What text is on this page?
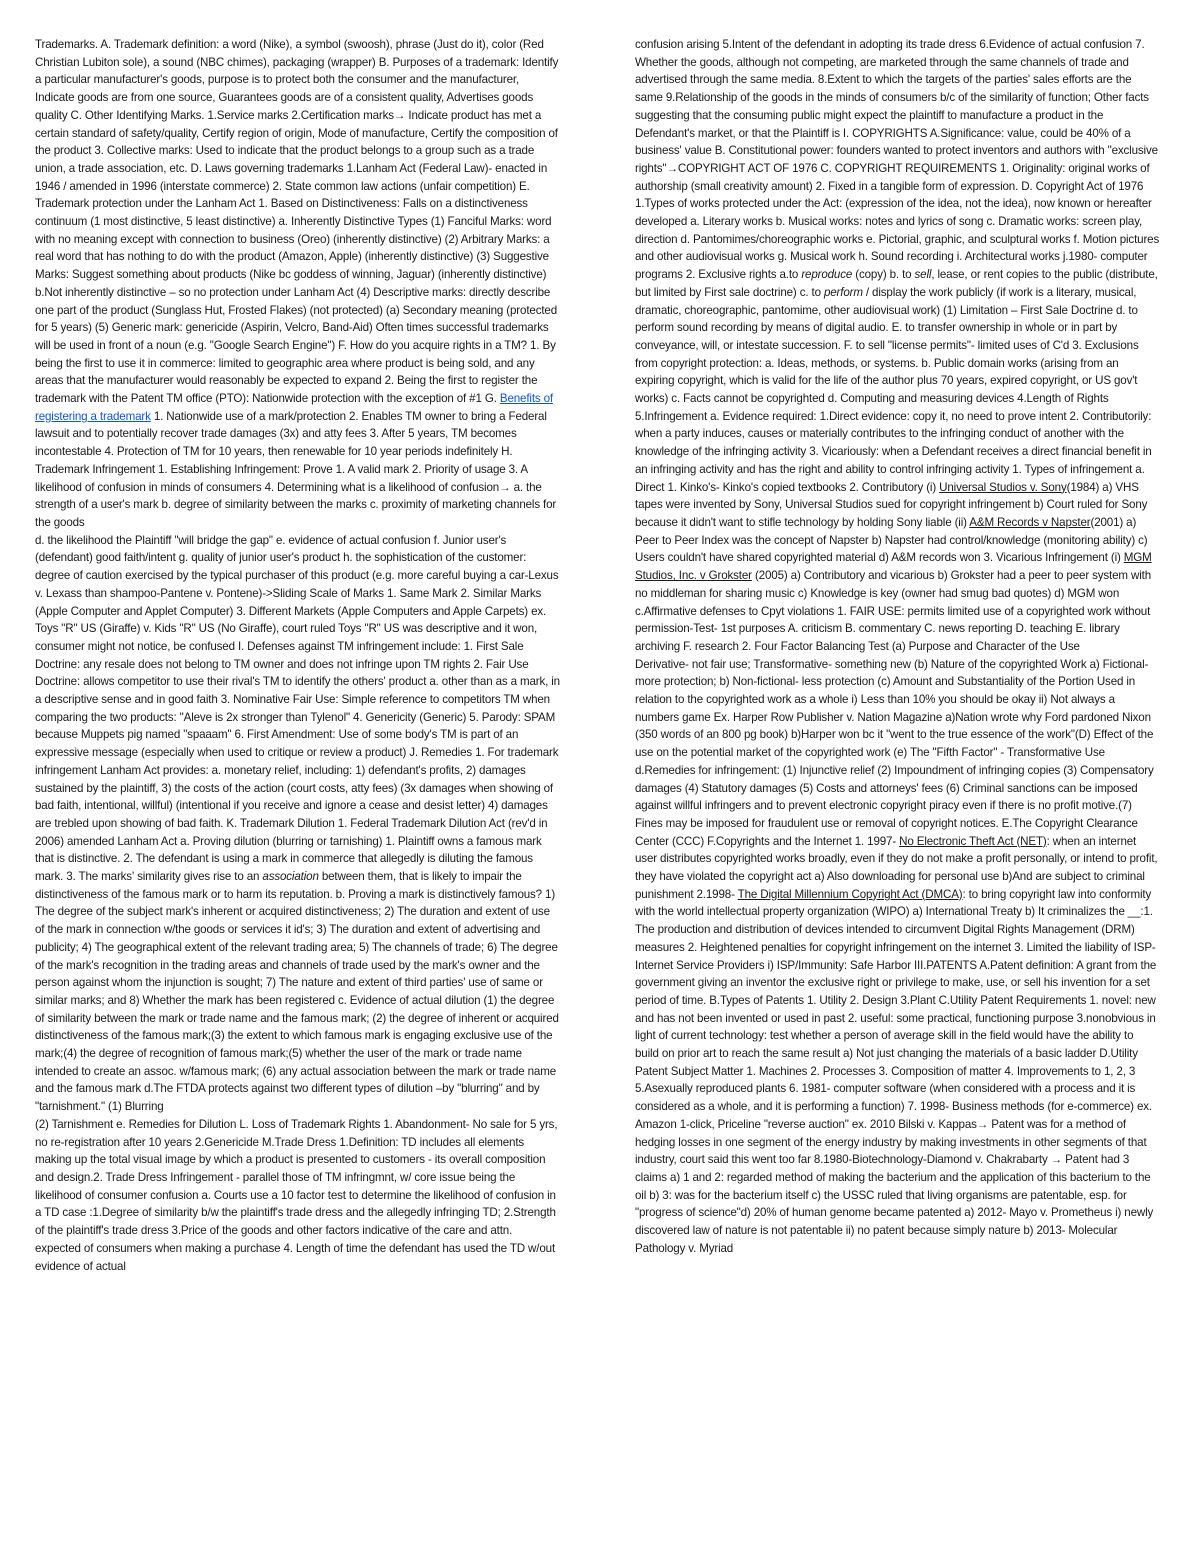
Trademarks. A. Trademark definition: a word (Nike), a symbol (swoosh), phrase (Just do it), color (Red Christian Lubiton sole), a sound (NBC chimes), packaging (wrapper) B. Purposes of a trademark: Identify a particular manufacturer's goods, purpose is to protect both the consumer and the manufacturer, Indicate goods are from one source, Guarantees goods are of a consistent quality, Advertises goods quality C. Other Identifying Marks. 1.Service marks 2.Certification marks→ Indicate product has met a certain standard of safety/quality, Certify region of origin, Mode of manufacture, Certify the composition of the product 3. Collective marks: Used to indicate that the product belongs to a group such as a trade union, a trade association, etc. D. Laws governing trademarks 1.Lanham Act (Federal Law)- enacted in 1946 / amended in 1996 (interstate commerce) 2. State common law actions (unfair competition) E. Trademark protection under the Lanham Act 1. Based on Distinctiveness: Falls on a distinctiveness continuum (1 most distinctive, 5 least distinctive) a. Inherently Distinctive Types (1) Fanciful Marks: word with no meaning except with connection to business (Oreo) (inherently distinctive) (2) Arbitrary Marks: a real word that has nothing to do with the product (Amazon, Apple) (inherently distinctive) (3) Suggestive Marks: Suggest something about products (Nike bc goddess of winning, Jaguar) (inherently distinctive) b.Not inherently distinctive – so no protection under Lanham Act (4) Descriptive marks: directly describe one part of the product (Sunglass Hut, Frosted Flakes) (not protected) (a) Secondary meaning (protected for 5 years) (5) Generic mark: genericide (Aspirin, Velcro, Band-Aid) Often times successful trademarks will be used in front of a noun (e.g. "Google Search Engine") F. How do you acquire rights in a TM? 1. By being the first to use it in commerce: limited to geographic area where product is being sold, and any areas that the manufacturer would reasonably be expected to expand 2. Being the first to register the trademark with the Patent TM office (PTO): Nationwide protection with the exception of #1 G. Benefits of registering a trademark 1. Nationwide use of a mark/protection 2. Enables TM owner to bring a Federal lawsuit and to potentially recover trade damages (3x) and atty fees 3. After 5 years, TM becomes incontestable 4. Protection of TM for 10 years, then renewable for 10 year periods indefinitely H. Trademark Infringement 1. Establishing Infringement: Prove 1. A valid mark 2. Priority of usage 3. A likelihood of confusion in minds of consumers 4. Determining what is a likelihood of confusion→ a. the strength of a user's mark b. degree of similarity between the marks c. proximity of marketing channels for the goods

d. the likelihood the Plaintiff "will bridge the gap" e. evidence of actual confusion f. Junior user's (defendant) good faith/intent g. quality of junior user's product h. the sophistication of the customer: degree of caution exercised by the typical purchaser of this product (e.g. more careful buying a car-Lexus v. Lexass than shampoo-Pantene v. Pontene)->Sliding Scale of Marks 1. Same Mark 2. Similar Marks (Apple Computer and Applet Computer) 3. Different Markets (Apple Computers and Apple Carpets) ex. Toys "R" US (Giraffe) v. Kids "R" US (No Giraffe), court ruled Toys "R" US was descriptive and it won, consumer might not notice, be confused I. Defenses against TM infringement include: 1. First Sale Doctrine: any resale does not belong to TM owner and does not infringe upon TM rights 2. Fair Use Doctrine: allows competitor to use their rival's TM to identify the others' product a. other than as a mark, in a descriptive sense and in good faith 3. Nominative Fair Use: Simple reference to competitors TM when comparing the two products: "Aleve is 2x stronger than Tylenol" 4. Genericity (Generic) 5. Parody: SPAM because Muppets pig named "spaaam" 6. First Amendment: Use of some body's TM is part of an expressive message (especially when used to critique or review a product) J. Remedies 1. For trademark infringement Lanham Act provides: a. monetary relief, including: 1) defendant's profits, 2) damages sustained by the plaintiff, 3) the costs of the action (court costs, atty fees) (3x damages when showing of bad faith, intentional, willful) (intentional if you receive and ignore a cease and desist letter) 4) damages are trebled upon showing of bad faith. K. Trademark Dilution 1. Federal Trademark Dilution Act (rev'd in 2006) amended Lanham Act a. Proving dilution (blurring or tarnishing) 1. Plaintiff owns a famous mark that is distinctive. 2. The defendant is using a mark in commerce that allegedly is diluting the famous mark. 3. The marks' similarity gives rise to an association between them, that is likely to impair the distinctiveness of the famous mark or to harm its reputation. b. Proving a mark is distinctively famous? 1) The degree of the subject mark's inherent or acquired distinctiveness; 2) The duration and extent of use of the mark in connection w/the goods or services it id's; 3) The duration and extent of advertising and publicity; 4) The geographical extent of the relevant trading area; 5) The channels of trade; 6) The degree of the mark's recognition in the trading areas and channels of trade used by the mark's owner and the person against whom the injunction is sought; 7) The nature and extent of third parties' use of same or similar marks; and 8) Whether the mark has been registered c. Evidence of actual dilution (1) the degree of similarity between the mark or trade name and the famous mark; (2) the degree of inherent or acquired distinctiveness of the famous mark;(3) the extent to which famous mark is engaging exclusive use of the mark;(4) the degree of recognition of famous mark;(5) whether the user of the mark or trade name intended to create an assoc. w/famous mark; (6) any actual association between the mark or trade name and the famous mark d.The FTDA protects against two different types of dilution –by "blurring" and by "tarnishment." (1) Blurring

(2) Tarnishment e. Remedies for Dilution L. Loss of Trademark Rights 1. Abandonment- No sale for 5 yrs, no re-registration after 10 years 2.Genericide M.Trade Dress 1.Definition: TD includes all elements making up the total visual image by which a product is presented to customers - its overall composition and design.2. Trade Dress Infringement - parallel those of TM infringmnt, w/ core issue being the likelihood of consumer confusion a. Courts use a 10 factor test to determine the likelihood of confusion in a TD case :1.Degree of similarity b/w the plaintiff's trade dress and the allegedly infringing TD; 2.Strength of the plaintiff's trade dress 3.Price of the goods and other factors indicative of the care and attn. expected of consumers when making a purchase 4. Length of time the defendant has used the TD w/out evidence of actual

confusion arising 5.Intent of the defendant in adopting its trade dress 6.Evidence of actual confusion 7. Whether the goods, although not competing, are marketed through the same channels of trade and advertised through the same media. 8.Extent to which the targets of the parties' sales efforts are the same 9.Relationship of the goods in the minds of consumers b/c of the similarity of function; Other facts suggesting that the consuming public might expect the plaintiff to manufacture a product in the Defendant's market, or that the Plaintiff is I. COPYRIGHTS A.Significance: value, could be 40% of a business' value B. Constitutional power: founders wanted to protect inventors and authors with "exclusive rights"→COPYRIGHT ACT OF 1976 C. COPYRIGHT REQUIREMENTS 1. Originality: original works of authorship (small creativity amount) 2. Fixed in a tangible form of expression. D. Copyright Act of 1976 1.Types of works protected under the Act: (expression of the idea, not the idea), now known or hereafter developed a. Literary works b. Musical works: notes and lyrics of song c. Dramatic works: screen play, direction d. Pantomimes/choreographic works e. Pictorial, graphic, and sculptural works f. Motion pictures and other audiovisual works g. Musical work h. Sound recording i. Architectural works j.1980- computer programs 2. Exclusive rights a.to reproduce (copy) b. to sell, lease, or rent copies to the public (distribute, but limited by First sale doctrine) c. to perform / display the work publicly (if work is a literary, musical, dramatic, choreographic, pantomime, other audiovisual work) (1) Limitation – First Sale Doctrine d. to perform sound recording by means of digital audio. E. to transfer ownership in whole or in part by conveyance, will, or intestate succession. F. to sell "license permits"- limited uses of C'd 3. Exclusions from copyright protection: a. Ideas, methods, or systems. b. Public domain works (arising from an expiring copyright, which is valid for the life of the author plus 70 years, expired copyright, or US gov't works) c. Facts cannot be copyrighted d. Computing and measuring devices 4.Length of Rights 5.Infringement a. Evidence required: 1.Direct evidence: copy it, no need to prove intent 2. Contributorily: when a party induces, causes or materially contributes to the infringing conduct of another with the knowledge of the infringing activity 3. Vicariously: when a Defendant receives a direct financial benefit in an infringing activity and has the right and ability to control infringing activity 1. Types of infringement a. Direct 1. Kinko's- Kinko's copied textbooks 2. Contributory (i) Universal Studios v. Sony(1984) a) VHS tapes were invented by Sony, Universal Studios sued for copyright infringement b) Court ruled for Sony because it didn't want to stifle technology by holding Sony liable (ii) A&M Records v Napster(2001) a) Peer to Peer Index was the concept of Napster b) Napster had control/knowledge (monitoring ability) c) Users couldn't have shared copyrighted material d) A&M records won 3. Vicarious Infringement (i) MGM Studios, Inc. v Grokster (2005) a) Contributory and vicarious b) Grokster had a peer to peer system with no middleman for sharing music c) Knowledge is key (owner had smug bad quotes) d) MGM won c.Affirmative defenses to Cpyt violations 1. FAIR USE: permits limited use of a copyrighted work without permission-Test- 1st purposes A. criticism B. commentary C. news reporting D. teaching E. library archiving F. research 2. Four Factor Balancing Test (a) Purpose and Character of the Use

Derivative- not fair use; Transformative- something new (b) Nature of the copyrighted Work a) Fictional- more protection; b) Non-fictional- less protection (c) Amount and Substantiality of the Portion Used in relation to the copyrighted work as a whole i) Less than 10% you should be okay ii) Not always a numbers game Ex. Harper Row Publisher v. Nation Magazine a)Nation wrote why Ford pardoned Nixon (350 words of an 800 pg book) b)Harper won bc it "went to the true essence of the work"(D) Effect of the use on the potential market of the copyrighted work (e) The "Fifth Factor" - Transformative Use d.Remedies for infringement: (1) Injunctive relief (2) Impoundment of infringing copies (3) Compensatory damages (4) Statutory damages (5) Costs and attorneys' fees (6) Criminal sanctions can be imposed against willful infringers and to prevent electronic copyright piracy even if there is no profit motive.(7) Fines may be imposed for fraudulent use or removal of copyright notices. E.The Copyright Clearance Center (CCC) F.Copyrights and the Internet 1. 1997- No Electronic Theft Act (NET): when an internet user distributes copyrighted works broadly, even if they do not make a profit personally, or intend to profit, they have violated the copyright act a) Also downloading for personal use b)And are subject to criminal punishment 2.1998- The Digital Millennium Copyright Act (DMCA): to bring copyright law into conformity with the world intellectual property organization (WIPO) a) International Treaty b) It criminalizes the __:1. The production and distribution of devices intended to circumvent Digital Rights Management (DRM) measures 2. Heightened penalties for copyright infringement on the internet 3. Limited the liability of ISP-Internet Service Providers i) ISP/Immunity: Safe Harbor III.PATENTS A.Patent definition: A grant from the government giving an inventor the exclusive right or privilege to make, use, or sell his invention for a set period of time. B.Types of Patents 1. Utility 2. Design 3.Plant C.Utility Patent Requirements 1. novel: new and has not been invented or used in past 2. useful: some practical, functioning purpose 3.nonobvious in light of current technology: test whether a person of average skill in the field would have the ability to build on prior art to reach the same result a) Not just changing the materials of a basic ladder D.Utility Patent Subject Matter 1. Machines 2. Processes 3. Composition of matter 4. Improvements to 1, 2, 3 5.Asexually reproduced plants 6. 1981- computer software (when considered with a process and it is considered as a whole, and it is performing a function) 7. 1998- Business methods (for e-commerce) ex. Amazon 1-click, Priceline "reverse auction" ex. 2010 Bilski v. Kappas→ Patent was for a method of hedging losses in one segment of the energy industry by making investments in other segments of that industry, court said this went too far 8.1980-Biotechnology-Diamond v. Chakrabarty → Patent had 3 claims a) 1 and 2: regarded method of making the bacterium and the application of this bacterium to the oil b) 3: was for the bacterium itself c) the USSC ruled that living organisms are patentable, esp. for "progress of science"d) 20% of human genome became patented a) 2012- Mayo v. Prometheus i) newly discovered law of nature is not patentable ii) no patent because simply nature b) 2013- Molecular Pathology v. Myriad
